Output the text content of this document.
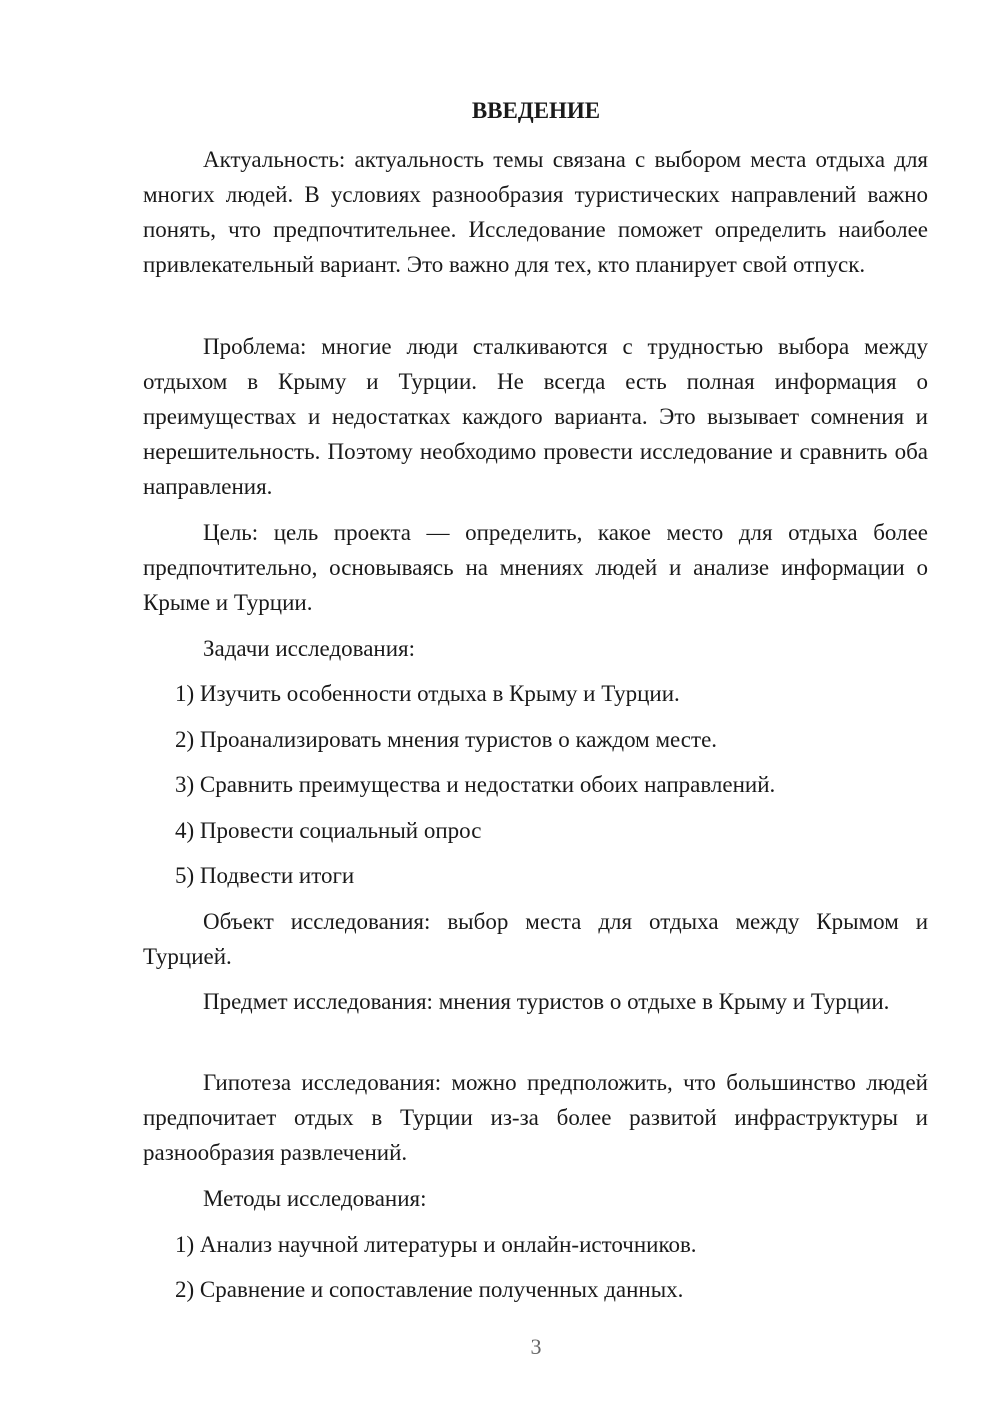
ВВЕДЕНИЕ

Актуальность: актуальность темы связана с выбором места отдыха для многих людей. В условиях разнообразия туристических направлений важно понять, что предпочтительнее. Исследование поможет определить наиболее привлекательный вариант. Это важно для тех, кто планирует свой отпуск.

Проблема: многие люди сталкиваются с трудностью выбора между отдыхом в Крыму и Турции. Не всегда есть полная информация о преимуществах и недостатках каждого варианта. Это вызывает сомнения и нерешительность. Поэтому необходимо провести исследование и сравнить оба направления.

Цель: цель проекта — определить, какое место для отдыха более предпочтительно, основываясь на мнениях людей и анализе информации о Крыме и Турции.

Задачи исследования:

1) Изучить особенности отдыха в Крыму и Турции.

2) Проанализировать мнения туристов о каждом месте.

3) Сравнить преимущества и недостатки обоих направлений.

4) Провести социальный опрос

5) Подвести итоги

Объект исследования: выбор места для отдыха между Крымом и Турцией.

Предмет исследования: мнения туристов о отдыхе в Крыму и Турции.

Гипотеза исследования: можно предположить, что большинство людей предпочитает отдых в Турции из-за более развитой инфраструктуры и разнообразия развлечений.

Методы исследования:

1) Анализ научной литературы и онлайн-источников.

2) Сравнение и сопоставление полученных данных.

3
